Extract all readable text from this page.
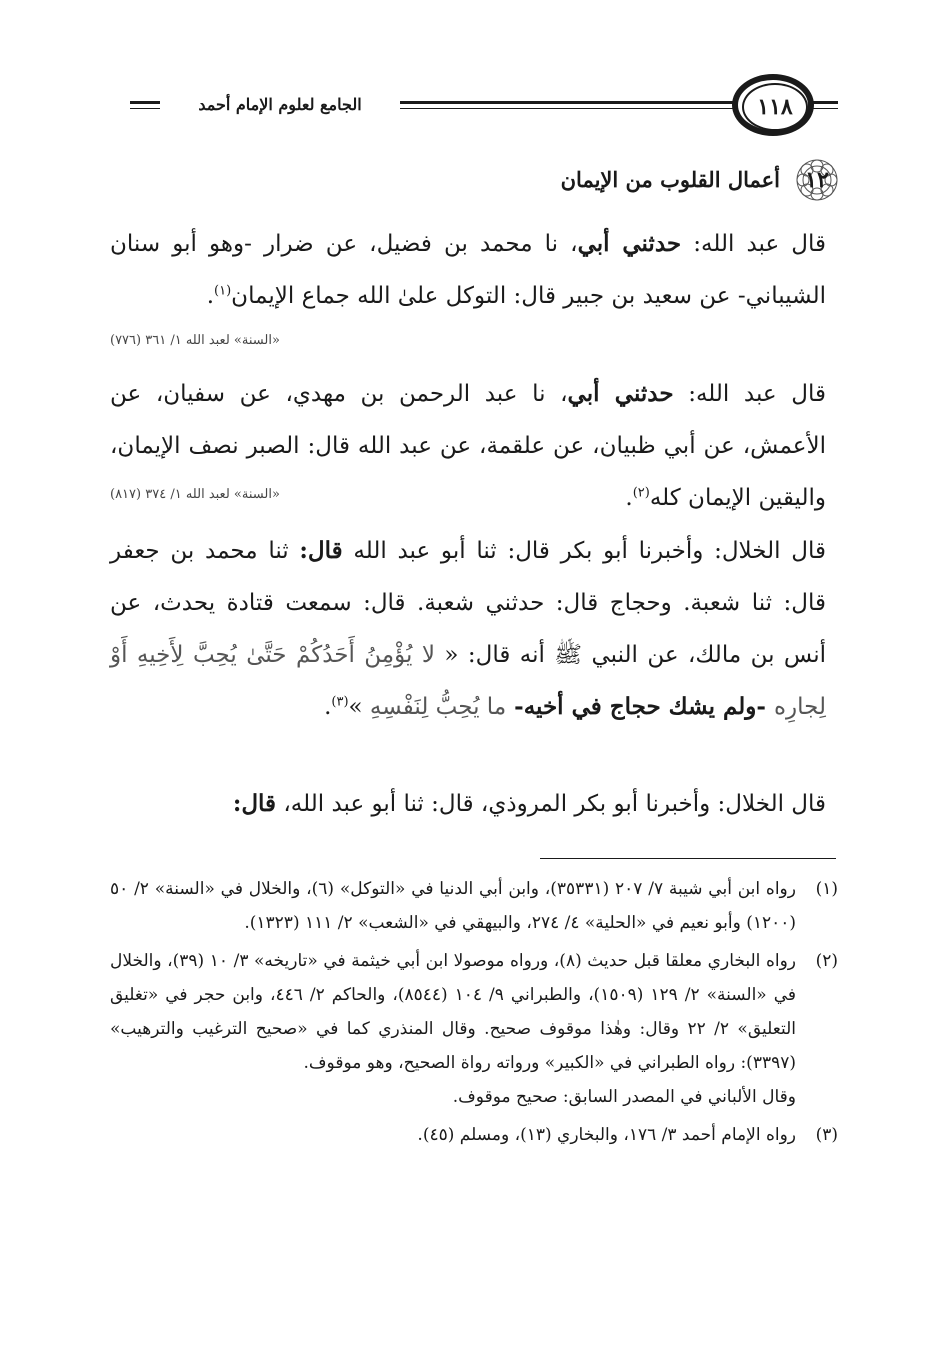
الجامع لعلوم الإمام أحمد	١١٨
١٢
أعمال القلوب من الإيمان
قال عبد الله: حدثني أبي، نا محمد بن فضيل، عن ضرار -وهو أبو سنان الشيباني- عن سعيد بن جبير قال: التوكل علىٰ الله جماع الإيمان$^{(١)}$.
«السنة» لعبد الله ١/ ٣٦١ (٧٧٦)
قال عبد الله: حدثني أبي، نا عبد الرحمن بن مهدي، عن سفيان، عن الأعمش، عن أبي ظبيان، عن علقمة، عن عبد الله قال: الصبر نصف الإيمان، واليقين الإيمان كله$^{(٢)}$.
«السنة» لعبد الله ١/ ٣٧٤ (٨١٧)
قال الخلال: وأخبرنا أبو بكر قال: ثنا أبو عبد الله قال: ثنا محمد بن جعفر قال: ثنا شعبة. وحجاج قال: حدثني شعبة. قال: سمعت قتادة يحدث، عن أنس بن مالك، عن النبي ﷺ أنه قال: « لا يُؤْمِنُ أَحَدُكُمْ حَتَّىٰ يُحِبَّ لِأَخِيهِ أَوْ لِجارِه -ولم يشك حجاج في أخيه- ما يُحِبُّ لِنَفْسِهِ »$^{(٣)}$.
قال الخلال: وأخبرنا أبو بكر المروذي، قال: ثنا أبو عبد الله، قال:
(١)
رواه ابن أبي شيبة ٧/ ٢٠٧ (٣٥٣٣١)، وابن أبي الدنيا في «التوكل» (٦)، والخلال في «السنة» ٢/ ٥٠ (١٢٠٠) وأبو نعيم في «الحلية» ٤/ ٢٧٤، والبيهقي في «الشعب» ٢/ ١١١ (١٣٢٣).
(٢)
رواه البخاري معلقا قبل حديث (٨)، ورواه موصولا ابن أبي خيثمة في «تاريخه» ٣/ ١٠ (٣٩)، والخلال في «السنة» ٢/ ١٢٩ (١٥٠٩)، والطبراني ٩/ ١٠٤ (٨٥٤٤)، والحاكم ٢/ ٤٤٦، وابن حجر في «تغليق التعليق» ٢/ ٢٢ وقال: وهٰذا موقوف صحيح. وقال المنذري كما في «صحيح الترغيب والترهيب» (٣٣٩٧): رواه الطبراني في «الكبير» ورواته رواة الصحيح، وهو موقوف.
وقال الألباني في المصدر السابق: صحيح موقوف.
(٣)
رواه الإمام أحمد ٣/ ١٧٦، والبخاري (١٣)، ومسلم (٤٥).
